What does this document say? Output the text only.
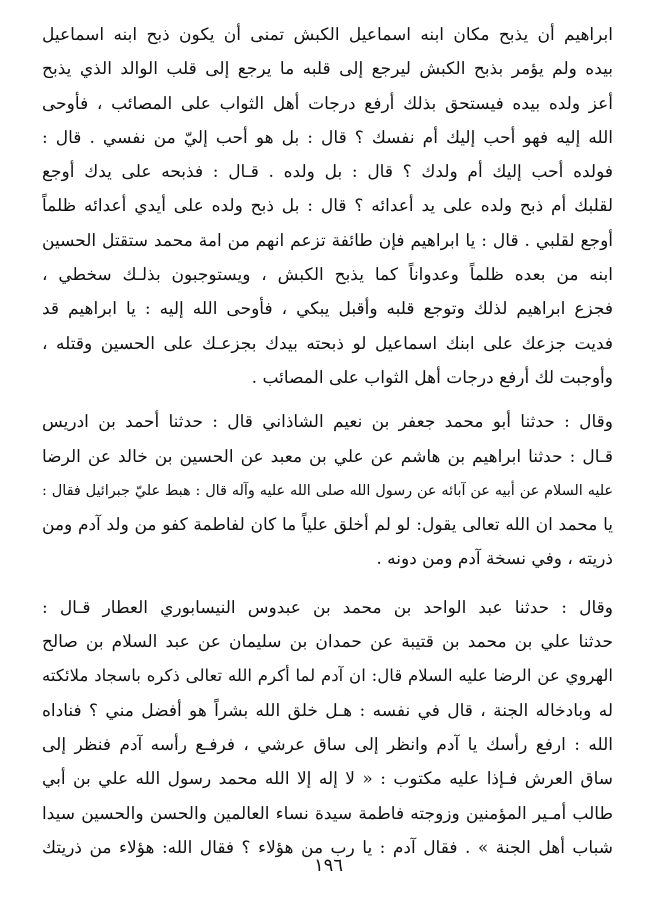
ابراهيم أن يذبح مكان ابنه اسماعيل الكبش تمنى أن يكون ذبح ابنه اسماعيل
بيده ولم يؤمر بذبح الكبش ليرجع إلى قلبه ما يرجع إلى قلب الوالد الذي يذبح
أعز ولده بيده فيستحق بذلك أرفع درجات أهل الثواب على المصائب ، فأوحى
الله إليه فهو أحب إليك أم نفسك ؟ قال : بل هو أحب إليّ من نفسي . قال :
فولده أحب إليك أم ولدك ؟ قال : بل ولده . قـال : فذبحه على يدك أوجع
لقلبك أم ذبح ولده على يد أعدائه ؟ قال : بل ذبح ولده على أيدي أعدائه ظلماً
أوجع لقلبي . قال : يا ابراهيم فإن طائفة تزعم انهم من امة محمد ستقتل الحسين
ابنه من بعده ظلماً وعدواناً كما يذبح الكبش ، ويستوجبون بذلـك سخطي ،
فجزع ابراهيم لذلك وتوجع قلبه وأقبل يبكي ، فأوحى الله إليه : يا ابراهيم قد
فديت جزعك على ابنك اسماعيل لو ذبحته بيدك بجزعـك على الحسين وقتله ،
وأوجبت لك أرفع درجات أهل الثواب على المصائب .
وقال : حدثنا أبو محمد جعفر بن نعيم الشاذاني قال : حدثنا أحمد بن ادريس
قـال : حدثنا ابراهيم بن هاشم عن علي بن معبد عن الحسين بن خالد عن الرضا
عليه السلام عن أبيه عن آبائه عن رسول الله صلى الله عليه وآله قال : هبط عليّ جبرائيل فقال :
يا محمد ان الله تعالى يقول: لو لم أخلق علياً ما كان لفاطمة كفو من ولد آدم ومن
ذريته ، وفي نسخة آدم ومن دونه .
وقال : حدثنا عبد الواحد بن محمد بن عبدوس النيسابوري العطار قـال :
حدثنا علي بن محمد بن قتيبة عن حمدان بن سليمان عن عبد السلام بن صالح
الهروي عن الرضا عليه السلام قال: ان آدم لما أكرم الله تعالى ذكره باسجاد ملائكته
له وبادخاله الجنة ، قال في نفسه : هـل خلق الله بشراً هو أفضل مني ؟ فناداه
الله : ارفع رأسك يا آدم وانظر إلى ساق عرشي ، فرفـع رأسه آدم فنظر إلى
ساق العرش فـإذا عليه مكتوب : « لا إله إلا الله محمد رسول الله علي بن أبي
طالب أمـير المؤمنين وزوجته فاطمة سيدة نساء العالمين والحسن والحسين سيدا
شباب أهل الجنة » . فقال آدم : يا رب من هؤلاء ؟ فقال الله: هؤلاء من ذريتك
١٩٦
